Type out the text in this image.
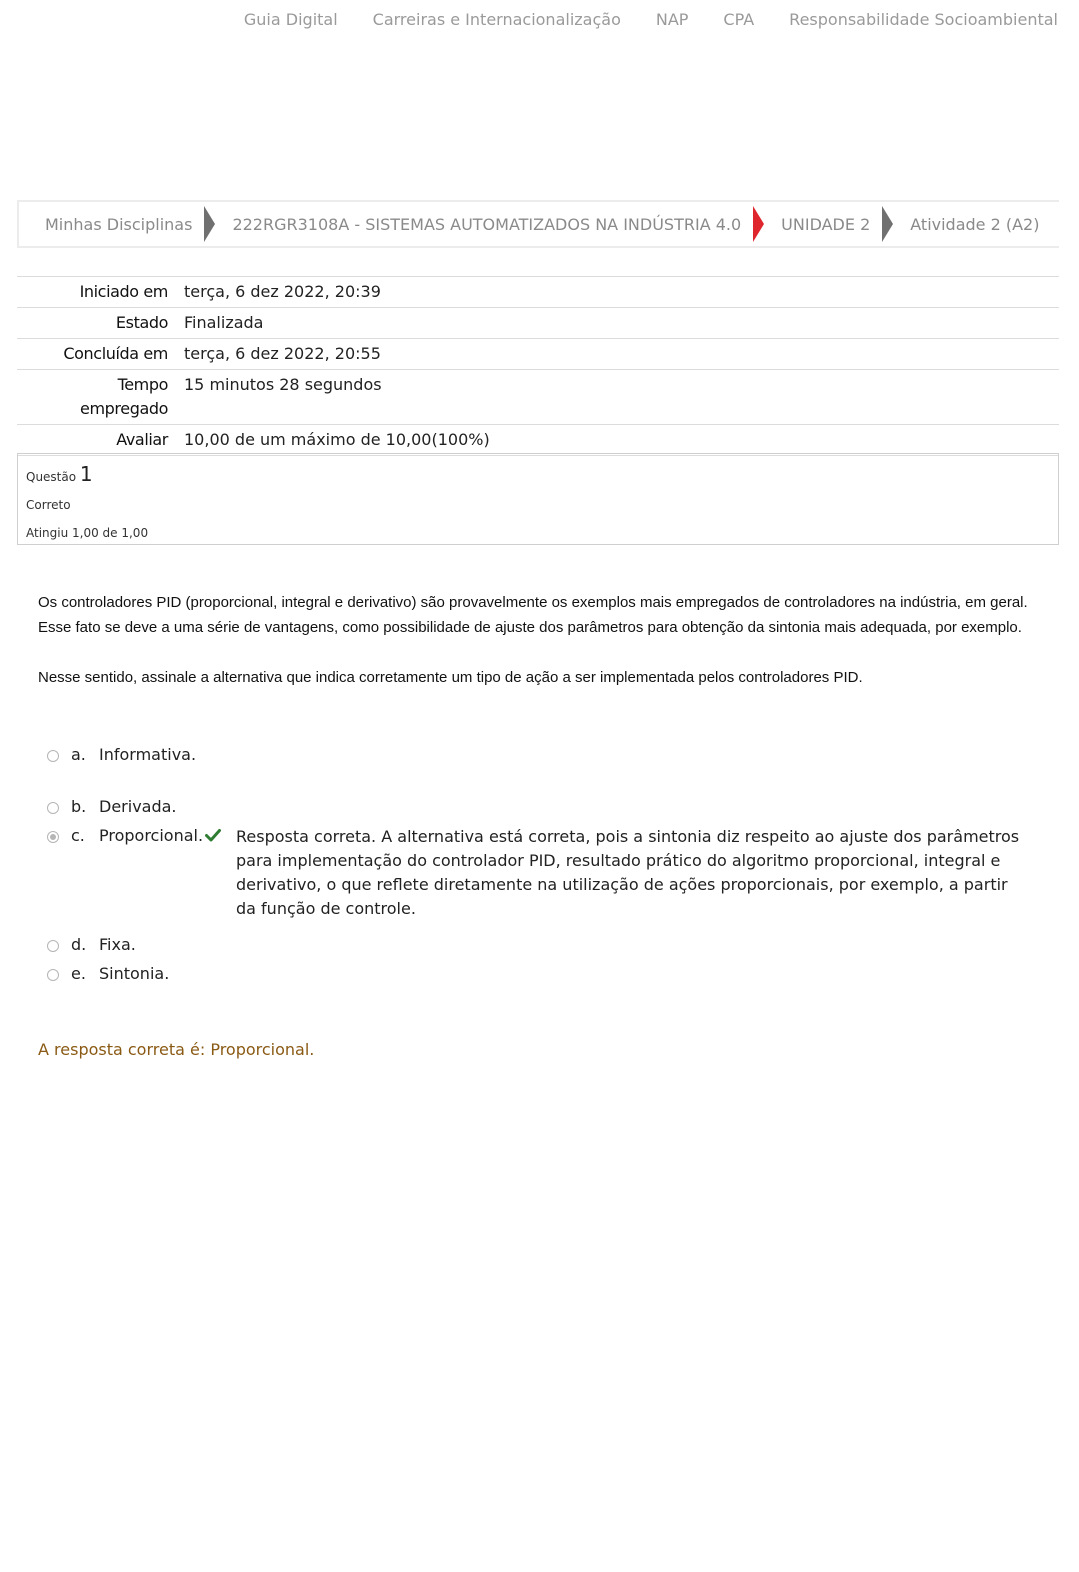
Guia Digital Carreiras e Internacionalização NAP CPA Responsabilidade Socioambiental
Minhas Disciplinas	222RGR3108A - SISTEMAS AUTOMATIZADOS NA INDÚSTRIA 4.0	UNIDADE 2	Atividade 2 (A2)
Iniciado em	terça, 6 dez 2022, 20:39
Estado	Finalizada
Concluída em	terça, 6 dez 2022, 20:55
Tempo
empregado	15 minutos 28 segundos
Avaliar	10,00 de um máximo de 10,00(100%)
Questão 1
Correto
Atingiu 1,00 de 1,00

Os controladores PID (proporcional, integral e derivativo) são provavelmente os exemplos mais empregados de controladores na indústria, em geral. Esse fato se deve a uma série de vantagens, como possibilidade de ajuste dos parâmetros para obtenção da sintonia mais adequada, por exemplo.

Nesse sentido, assinale a alternativa que indica corretamente um tipo de ação a ser implementada pelos controladores PID.

a. Informativa.
b. Derivada.
c. Proporcional. Resposta correta. A alternativa está correta, pois a sintonia diz respeito ao ajuste dos parâmetros para implementação do controlador PID, resultado prático do algoritmo proporcional, integral e derivativo, o que reflete diretamente na utilização de ações proporcionais, por exemplo, a partir da função de controle.
d. Fixa.
e. Sintonia.
A resposta correta é: Proporcional.
